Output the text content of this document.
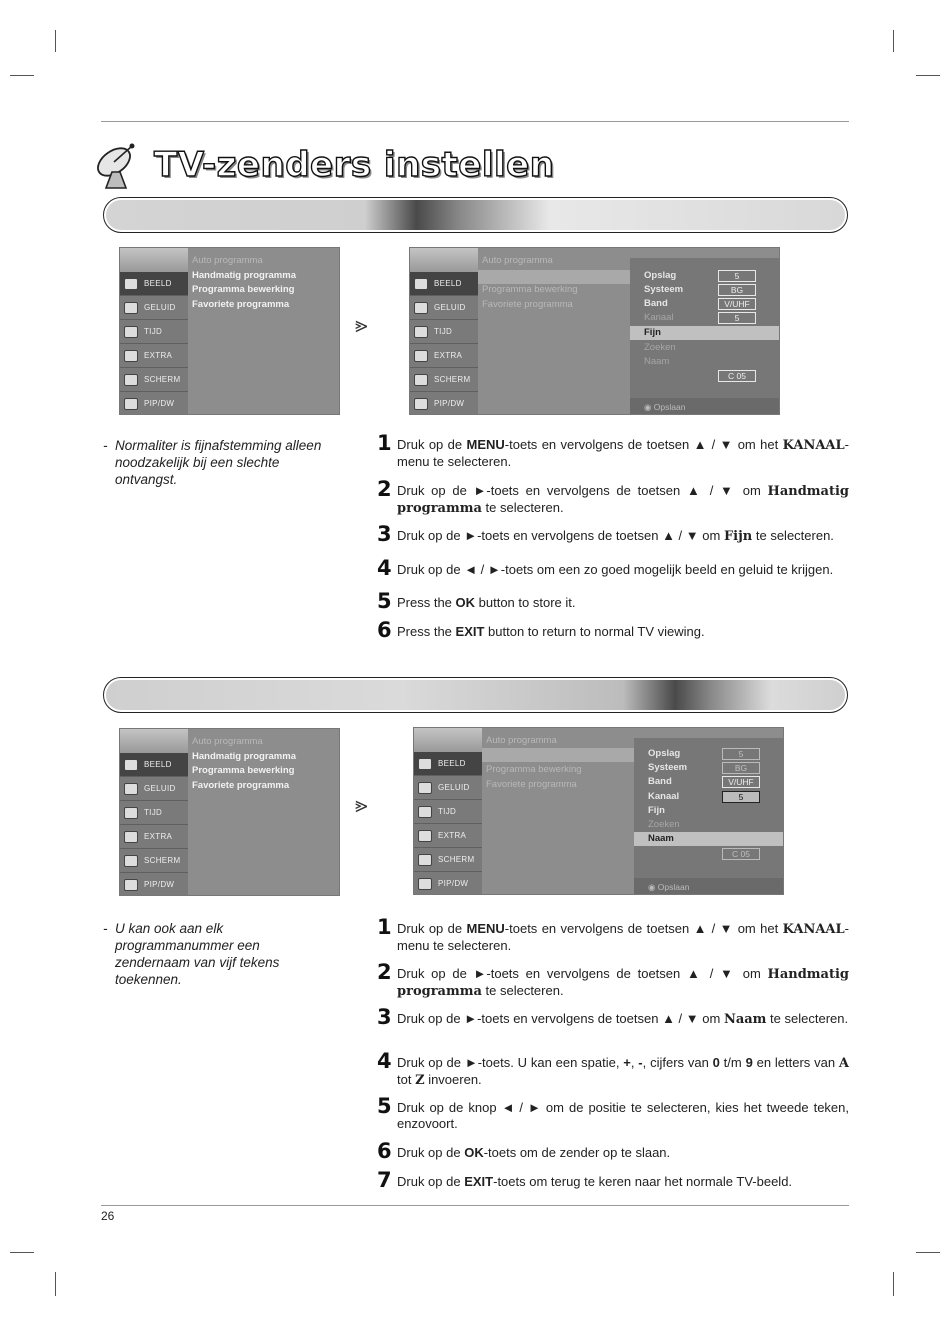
TV-zenders instellen
BEELD
GELUID
TIJD
EXTRA
SCHERM
PIP/DW
Auto programma
Handmatig programma
Programma bewerking
Favoriete programma
⪢
BEELD
GELUID
TIJD
EXTRA
SCHERM
PIP/DW
Auto programma

Programma bewerking
Favoriete programma
Opslag
Systeem
Band
Kanaal
Fijn
Zoeken
Naam
5
BG
V/UHF
5
C 05
◉ Opslaan
- Normaliter is fijnafstemming alleen noodzakelijk bij een slechte ontvangst.
1 Druk op de MENU-toets en vervolgens de toetsen ▲ / ▼ om het KANAAL-menu te selecteren.
2 Druk op de ►-toets en vervolgens de toetsen ▲ / ▼ om Handmatig programma te selecteren.
3 Druk op de ►-toets en vervolgens de toetsen ▲ / ▼ om Fijn te selecteren.
4 Druk op de ◄ / ►-toets om een zo goed mogelijk beeld en geluid te krijgen.
5 Press the OK button to store it.
6 Press the EXIT button to return to normal TV viewing.
BEELD
GELUID
TIJD
EXTRA
SCHERM
PIP/DW
Auto programma
Handmatig programma
Programma bewerking
Favoriete programma
⪢
BEELD
GELUID
TIJD
EXTRA
SCHERM
PIP/DW
Auto programma

Programma bewerking
Favoriete programma
Opslag
Systeem
Band
Kanaal
Fijn
Zoeken
Naam
5
BG
V/UHF
5
C 05
◉ Opslaan
- U kan ook aan elk programmanummer een zendernaam van vijf tekens toekennen.
1 Druk op de MENU-toets en vervolgens de toetsen ▲ / ▼ om het KANAAL-menu te selecteren.
2 Druk op de ►-toets en vervolgens de toetsen ▲ / ▼ om Handmatig programma te selecteren.
3 Druk op de ►-toets en vervolgens de toetsen ▲ / ▼ om Naam te selecteren.
4 Druk op de ►-toets. U kan een spatie, +, -, cijfers van 0 t/m 9 en letters van A tot Z invoeren.
5 Druk op de knop ◄ / ► om de positie te selecteren, kies het tweede teken, enzovoort.
6 Druk op de OK-toets om de zender op te slaan.
7 Druk op de EXIT-toets om terug te keren naar het normale TV-beeld.
26
